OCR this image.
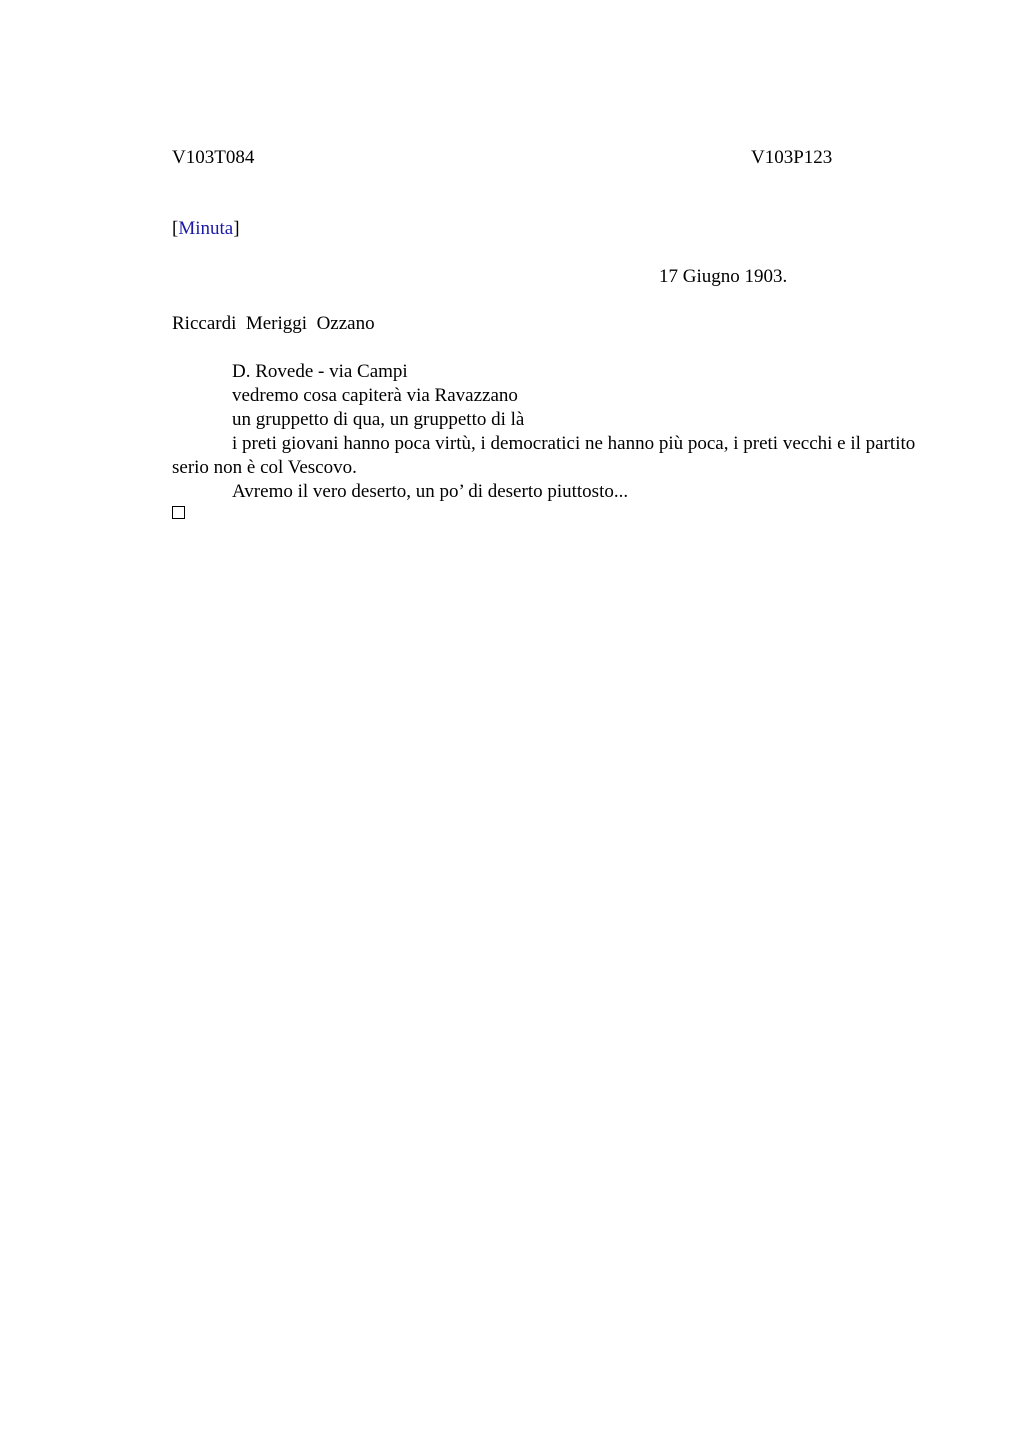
V103T084	V103P123
[Minuta]
17 Giugno 1903.
Riccardi  Meriggi  Ozzano

D. Rovede - via Campi

vedremo cosa capiterà via Ravazzano

un gruppetto di qua, un gruppetto di là

i preti giovani hanno poca virtù, i democratici ne hanno più poca, i preti vecchi e il partito serio non è col Vescovo.

Avremo il vero deserto, un po’ di deserto piuttosto...
